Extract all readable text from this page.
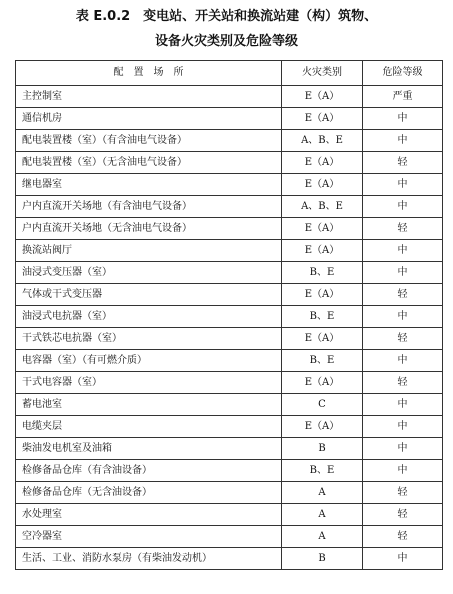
表 E.0.2　变电站、开关站和换流站建（构）筑物、
设备火灾类别及危险等级
配　置　场　所	火灾类别	危险等级
主控制室	E（A）	严重
通信机房	E（A）	中
配电装置楼（室）（有含油电气设备）	A、B、E	中
配电装置楼（室）（无含油电气设备）	E（A）	轻
继电器室	E（A）	中
户内直流开关场地（有含油电气设备）	A、B、E	中
户内直流开关场地（无含油电气设备）	E（A）	轻
换流站阀厅	E（A）	中
油浸式变压器（室）	B、E	中
气体或干式变压器	E（A）	轻
油浸式电抗器（室）	B、E	中
干式铁芯电抗器（室）	E（A）	轻
电容器（室）（有可燃介质）	B、E	中
干式电容器（室）	E（A）	轻
蓄电池室	C	中
电缆夹层	E（A）	中
柴油发电机室及油箱	B	中
检修备品仓库（有含油设备）	B、E	中
检修备品仓库（无含油设备）	A	轻
水处理室	A	轻
空冷器室	A	轻
生活、工业、消防水泵房（有柴油发动机）	B	中
